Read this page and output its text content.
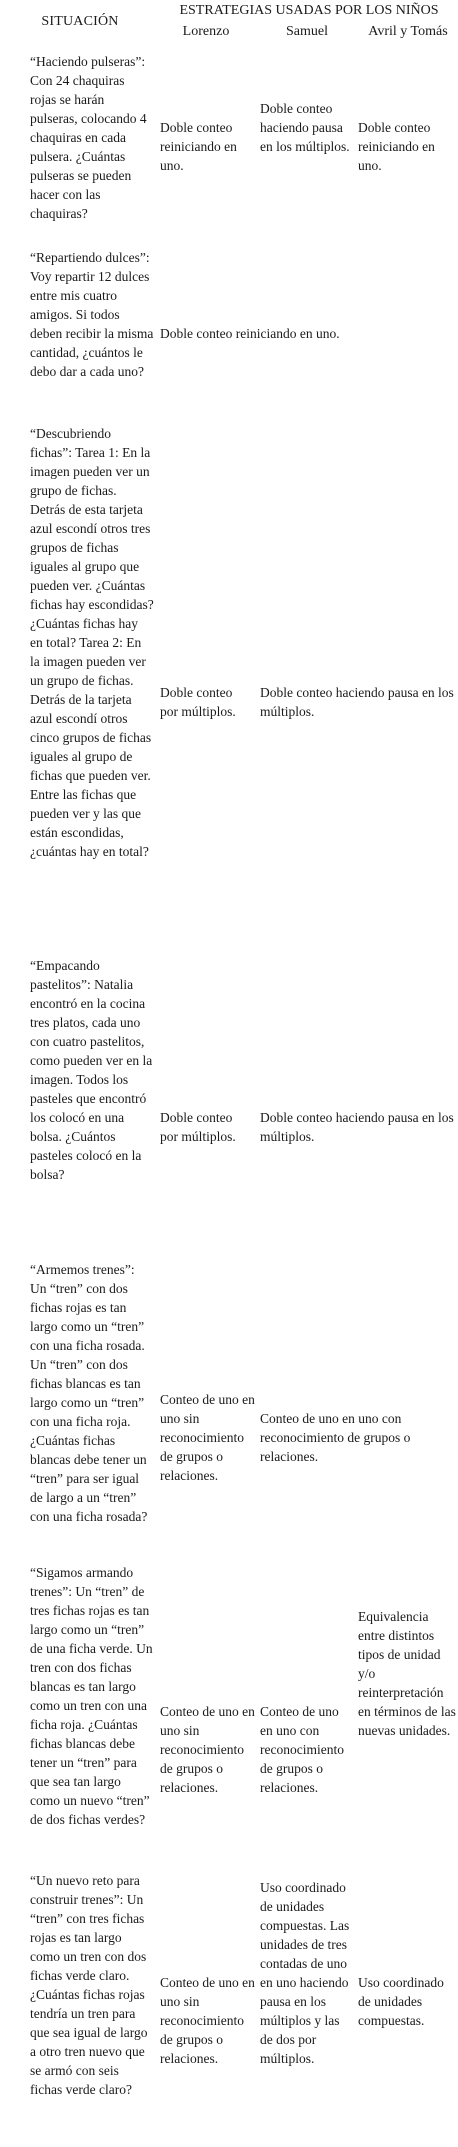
SITUACIÓN
ESTRATEGIAS USADAS POR LOS NIÑOS
Lorenzo	Samuel	Avril y Tomás
“Haciendo pulseras”: Con 24 chaquiras rojas se harán pulseras, colocando 4 chaquiras en cada pulsera. ¿Cuántas pulseras se pueden hacer con las chaquiras?
Doble conteo reiniciando en uno.
Doble conteo haciendo pausa en los múltiplos.
Doble conteo reiniciando en uno.
“Repartiendo dulces”: Voy repartir 12 dulces entre mis cuatro amigos. Si todos deben recibir la misma cantidad, ¿cuántos le debo dar a cada uno?
Doble conteo reiniciando en uno.
“Descubriendo fichas”: Tarea 1: En la imagen pueden ver un grupo de fichas. Detrás de esta tarjeta azul escondí otros tres grupos de fichas iguales al grupo que pueden ver. ¿Cuántas fichas hay escondidas? ¿Cuántas fichas hay en total? Tarea 2: En la imagen pueden ver un grupo de fichas. Detrás de la tarjeta azul escondí otros cinco grupos de fichas iguales al grupo de fichas que pueden ver. Entre las fichas que pueden ver y las que están escondidas, ¿cuántas hay en total?
Doble conteo por múltiplos.
Doble conteo haciendo pausa en los múltiplos.
“Empacando pastelitos”: Natalia encontró en la cocina tres platos, cada uno con cuatro pastelitos, como pueden ver en la imagen. Todos los pasteles que encontró los colocó en una bolsa. ¿Cuántos pasteles colocó en la bolsa?
Doble conteo por múltiplos.
Doble conteo haciendo pausa en los múltiplos.
“Armemos trenes”: Un “tren” con dos fichas rojas es tan largo como un “tren” con una ficha rosada. Un “tren” con dos fichas blancas es tan largo como un “tren” con una ficha roja. ¿Cuántas fichas blancas debe tener un “tren” para ser igual de largo a un “tren” con una ficha rosada?
Conteo de uno en uno sin reconocimiento de grupos o relaciones.
Conteo de uno en uno con reconocimiento de grupos o relaciones.
“Sigamos armando trenes”: Un “tren” de tres fichas rojas es tan largo como un “tren” de una ficha verde. Un tren con dos fichas blancas es tan largo como un tren con una ficha roja. ¿Cuántas fichas blancas debe tener un “tren” para que sea tan largo como un nuevo “tren” de dos fichas verdes?
Conteo de uno en uno sin reconocimiento de grupos o relaciones.
Conteo de uno en uno con reconocimiento de grupos o relaciones.
Equivalencia entre distintos tipos de unidad y/o reinterpretación en términos de las nuevas unidades.
“Un nuevo reto para construir trenes”: Un “tren” con tres fichas rojas es tan largo como un tren con dos fichas verde claro. ¿Cuántas fichas rojas tendría un tren para que sea igual de largo a otro tren nuevo que se armó con seis fichas verde claro?
Conteo de uno en uno sin reconocimiento de grupos o relaciones.
Uso coordinado de unidades compuestas. Las unidades de tres contadas de uno en uno haciendo pausa en los múltiplos y las de dos por múltiplos.
Uso coordinado de unidades compuestas.
